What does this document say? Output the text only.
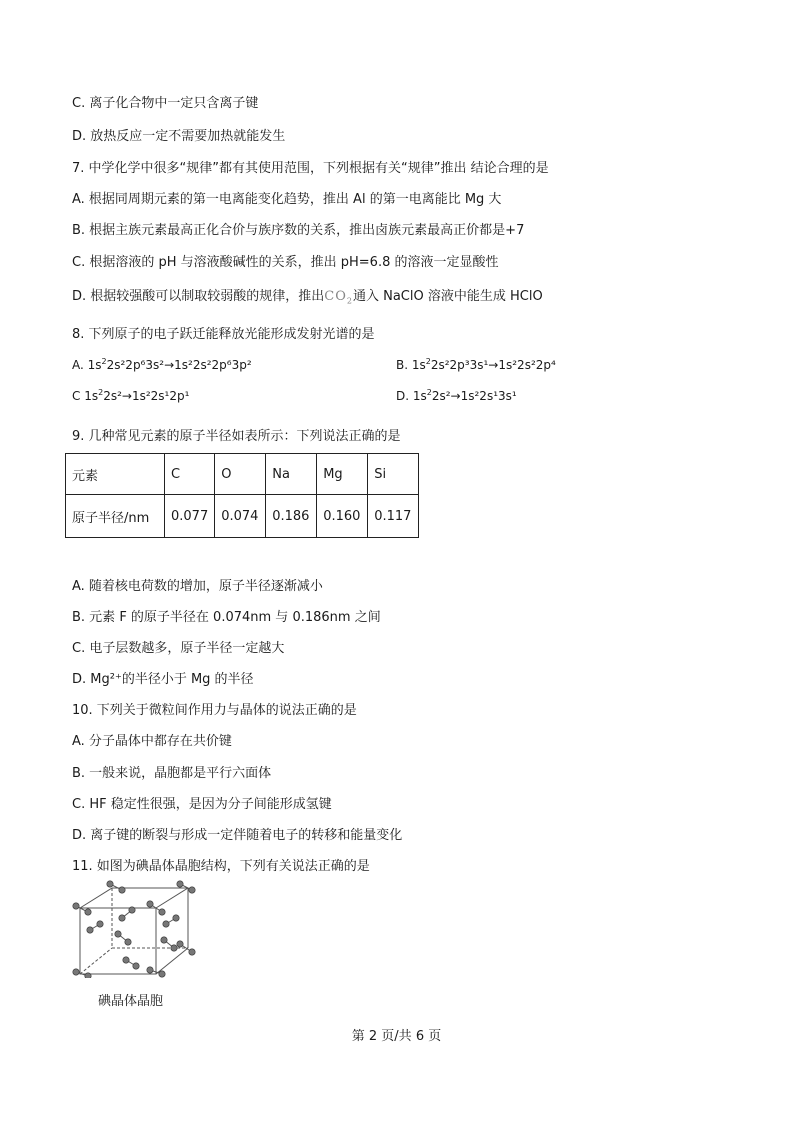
C. 离子化合物中一定只含离子键
D. 放热反应一定不需要加热就能发生
7. 中学化学中很多“规律”都有其使用范围，下列根据有关“规律”推出 结论合理的是
A. 根据同周期元素的第一电离能变化趋势，推出 Al 的第一电离能比 Mg 大
B. 根据主族元素最高正化合价与族序数的关系，推出卤族元素最高正价都是+7
C. 根据溶液的 pH 与溶液酸碱性的关系，推出 pH=6.8 的溶液一定显酸性
D. 根据较强酸可以制取较弱酸的规律，推出$CO_2$通入 NaClO 溶液中能生成 HClO
8. 下列原子的电子跃迁能释放光能形成发射光谱的是
A. $1s^22s^22p^63s^2\to 1s^22s^22p^63p^2$	B. $1s^22s^22p^33s^1\to 1s^22s^22p^4$
C $1s^22s^2\to 1s^22s^12p^1$	D. $1s^22s^2\to 1s^22s^13s^1$
9. 几种常见元素的原子半径如表所示：下列说法正确的是
元素	C	O	Na	Mg	Si
原子半径/nm	0.077	0.074	0.186	0.160	0.117
A. 随着核电荷数的增加，原子半径逐渐减小
B. 元素 F 的原子半径在 0.074nm 与 0.186nm 之间
C. 电子层数越多，原子半径一定越大
D. Mg²⁺的半径小于 Mg 的半径
10. 下列关于微粒间作用力与晶体的说法正确的是
A. 分子晶体中都存在共价键
B. 一般来说，晶胞都是平行六面体
C. HF 稳定性很强，是因为分子间能形成氢键
D. 离子键的断裂与形成一定伴随着电子的转移和能量变化
11. 如图为碘晶体晶胞结构，下列有关说法正确的是
碘晶体晶胞
第 2 页/共 6 页
